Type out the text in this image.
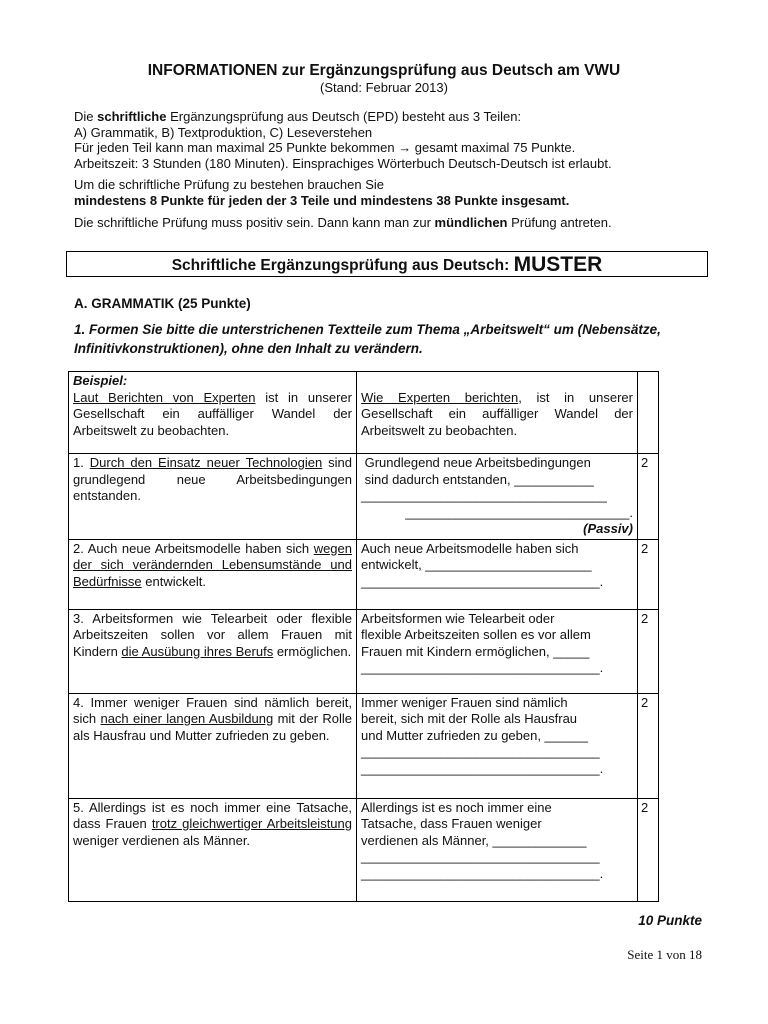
INFORMATIONEN zur Ergänzungsprüfung aus Deutsch am VWU
(Stand: Februar 2013)

Die schriftliche Ergänzungsprüfung aus Deutsch (EPD) besteht aus 3 Teilen:

A) Grammatik, B) Textproduktion, C) Leseverstehen

Für jeden Teil kann man maximal 25 Punkte bekommen → gesamt maximal 75 Punkte.

Arbeitszeit: 3 Stunden (180 Minuten). Einsprachiges Wörterbuch Deutsch-Deutsch ist erlaubt.

Um die schriftliche Prüfung zu bestehen brauchen Sie

mindestens 8 Punkte für jeden der 3 Teile und mindestens 38 Punkte insgesamt.

Die schriftliche Prüfung muss positiv sein. Dann kann man zur mündlichen Prüfung antreten.

Schriftliche Ergänzungsprüfung aus Deutsch: MUSTER
A. GRAMMATIK (25 Punkte)
1. Formen Sie bitte die unterstrichenen Textteile zum Thema „Arbeitswelt“ um (Nebensätze, Infinitivkonstruktionen), ohne den Inhalt zu verändern.
Beispiel:
Laut Berichten von Experten ist in unserer Gesellschaft ein auffälliger Wandel der Arbeitswelt zu beobachten.	Wie Experten berichten, ist in unserer Gesellschaft ein auffälliger Wandel der Arbeitswelt zu beobachten.	
1. Durch den Einsatz neuer Technologien sind grundlegend neue Arbeitsbedingungen entstanden.	Grundlegend neue Arbeitsbedingungen
sind dadurch entstanden, ___________
__________________________________
_______________________________.
(Passiv)	2
2. Auch neue Arbeitsmodelle haben sich wegen der sich verändernden Lebensumstände und Bedürfnisse entwickelt.	Auch neue Arbeitsmodelle haben sich
entwickelt, _______________________
_________________________________.	2
3. Arbeitsformen wie Telearbeit oder flexible Arbeitszeiten sollen vor allem Frauen mit Kindern die Ausübung ihres Berufs ermöglichen.	Arbeitsformen wie Telearbeit oder
flexible Arbeitszeiten sollen es vor allem
Frauen mit Kindern ermöglichen, _____
_________________________________.	2
4. Immer weniger Frauen sind nämlich bereit, sich nach einer langen Ausbildung mit der Rolle als Hausfrau und Mutter zufrieden zu geben.	Immer weniger Frauen sind nämlich
bereit, sich mit der Rolle als Hausfrau
und Mutter zufrieden zu geben, ______
_________________________________
_________________________________.	2
5. Allerdings ist es noch immer eine Tatsache, dass Frauen trotz gleichwertiger Arbeitsleistung weniger verdienen als Männer.	Allerdings ist es noch immer eine
Tatsache, dass Frauen weniger
verdienen als Männer, _____________
_________________________________
_________________________________.	2
10 Punkte
Seite 1 von 18
